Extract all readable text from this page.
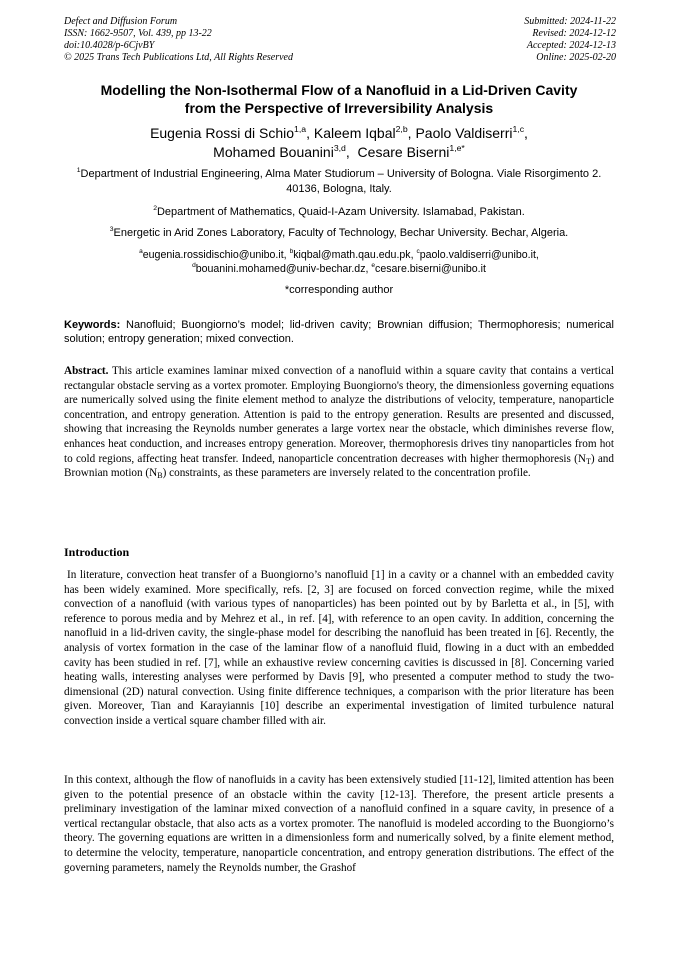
Defect and Diffusion Forum
ISSN: 1662-9507, Vol. 439, pp 13-22
doi:10.4028/p-6CjvBY
© 2025 Trans Tech Publications Ltd, All Rights Reserved
Submitted: 2024-11-22
Revised: 2024-12-12
Accepted: 2024-12-13
Online: 2025-02-20
Modelling the Non-Isothermal Flow of a Nanofluid in a Lid-Driven Cavity
from the Perspective of Irreversibility Analysis
Eugenia Rossi di Schio$^{1,a}$, Kaleem Iqbal$^{2,b}$, Paolo Valdiserri$^{1,c}$,
Mohamed Bouanini$^{3,d}$,  Cesare Biserni$^{1,e*}$
$^1$Department of Industrial Engineering, Alma Mater Studiorum – University of Bologna. Viale Risorgimento 2. 40136, Bologna, Italy.
$^2$Department of Mathematics, Quaid-I-Azam University. Islamabad, Pakistan.
$^3$Energetic in Arid Zones Laboratory, Faculty of Technology, Bechar University. Bechar, Algeria.
$^a$eugenia.rossidischio@unibo.it, $^b$kiqbal@math.qau.edu.pk, $^c$paolo.valdiserri@unibo.it,
$^d$bouanini.mohamed@univ-bechar.dz, $^e$cesare.biserni@unibo.it
*corresponding author
Keywords: Nanofluid; Buongiorno’s model; lid-driven cavity; Brownian diffusion; Thermophoresis; numerical solution; entropy generation; mixed convection.
Abstract. This article examines laminar mixed convection of a nanofluid within a square cavity that contains a vertical rectangular obstacle serving as a vortex promoter. Employing Buongiorno's theory, the dimensionless governing equations are numerically solved using the finite element method to analyze the distributions of velocity, temperature, nanoparticle concentration, and entropy generation. Attention is paid to the entropy generation. Results are presented and discussed, showing that increasing the Reynolds number generates a large vortex near the obstacle, which diminishes reverse flow, enhances heat conduction, and increases entropy generation. Moreover, thermophoresis drives tiny nanoparticles from hot to cold regions, affecting heat transfer. Indeed, nanoparticle concentration decreases with higher thermophoresis $(N_T)$ and Brownian motion $(N_B)$ constraints, as these parameters are inversely related to the concentration profile.
Introduction

In literature, convection heat transfer of a Buongiorno’s nanofluid [1] in a cavity or a channel with an embedded cavity has been widely examined. More specifically, refs. [2, 3] are focused on forced convection regime, while the mixed convection of a nanofluid (with various types of nanoparticles) has been pointed out by by Barletta et al., in [5], with reference to porous media and by Mehrez et al., in ref. [4], with reference to an open cavity. In addition, concerning the nanofluid in a lid-driven cavity, the single-phase model for describing the nanofluid has been treated in [6]. Recently, the analysis of vortex formation in the case of the laminar flow of a nanofluid fluid, flowing in a duct with an embedded cavity has been studied in ref. [7], while an exhaustive review concerning cavities is discussed in [8]. Concerning varied heating walls, interesting analyses were performed by Davis [9], who presented a computer method to study the two-dimensional (2D) natural convection. Using finite difference techniques, a comparison with the prior literature has been given. Moreover, Tian and Karayiannis [10] describe an experimental investigation of limited turbulence natural convection inside a vertical square chamber filled with air.

In this context, although the flow of nanofluids in a cavity has been extensively studied [11-12], limited attention has been given to the potential presence of an obstacle within the cavity [12-13]. Therefore, the present article presents a preliminary investigation of the laminar mixed convection of a nanofluid confined in a square cavity, in presence of a vertical rectangular obstacle, that also acts as a vortex promoter. The nanofluid is modeled according to the Buongiorno’s theory. The governing equations are written in a dimensionless form and numerically solved, by a finite element method, to determine the velocity, temperature, nanoparticle concentration, and entropy generation distributions. The effect of the governing parameters, namely the Reynolds number, the Grashof
